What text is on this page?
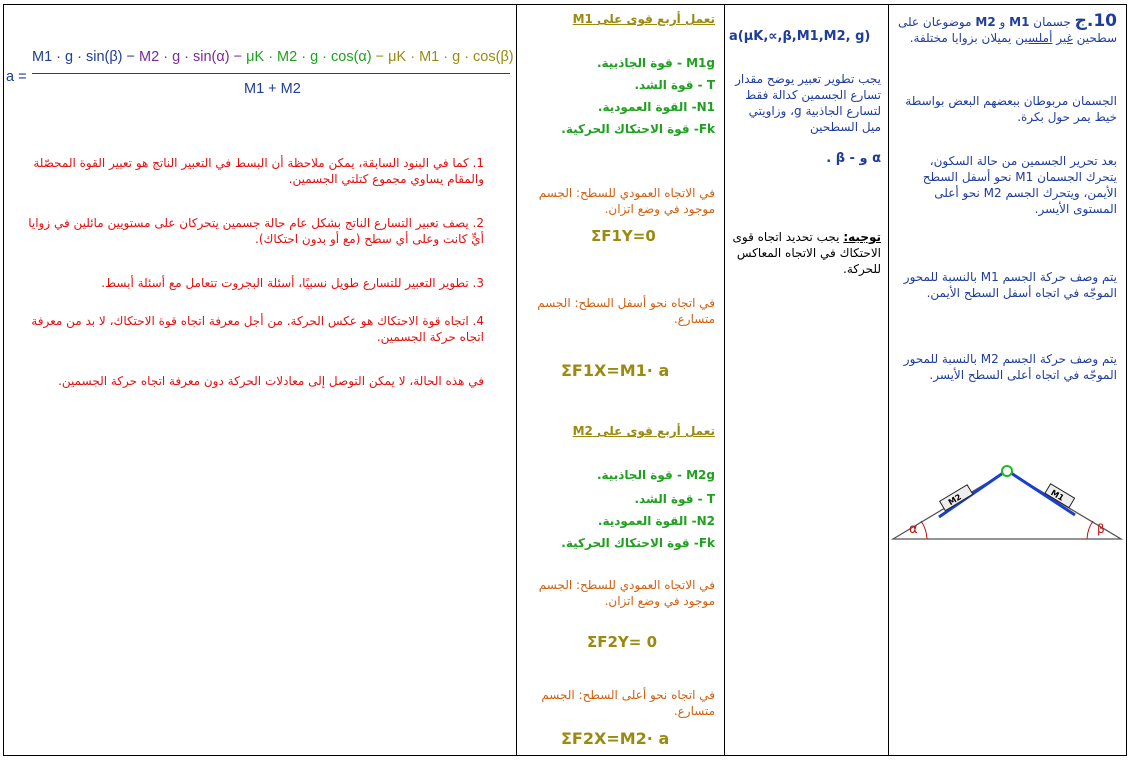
a =
M1 · g · sin(β) − M2 · g · sin(α) − μK · M2 · g · cos(α) − μK · M1 · g · cos(β)
M1 + M2
1. كما في البنود السابقة، يمكن ملاحظة أن البسط في التعبير الناتج هو تعبير القوة المحصّلة والمقام يساوي مجموع كتلتي الجسمين.
2. يصف تعبير التسارع الناتج بشكل عام حالة جسمين يتحركان على مستويين مائلين في زوايا أيٍّ كانت وعلى أي سطح (مع أو بدون احتكاك).
3. تطوير التعبير للتسارع طويل نسبيًا، أسئلة البجروت تتعامل مع أسئلة أبسط.
4. اتجاه قوة الاحتكاك هو عكس الحركة. من أجل معرفة اتجاه قوة الاحتكاك، لا بد من معرفة اتجاه حركة الجسمين.
في هذه الحالة، لا يمكن التوصل إلى معادلات الحركة دون معرفة اتجاه حركة الجسمين.
تعمل أربع قوى على M1
M1g - قوة الجاذبية.
T - قوة الشد.
N1- القوة العمودية.
Fk- قوة الاحتكاك الحركية.
في الاتجاه العمودي للسطح: الجسم موجود في وضع اتزان.
ΣF1Y=0
في اتجاه نحو أسفل السطح: الجسم متسارع.
ΣF1X=M1· a
تعمل أربع قوى على M2
M2g - قوة الجاذبية.
T - قوة الشد.
N2- القوة العمودية.
Fk- قوة الاحتكاك الحركية.
في الاتجاه العمودي للسطح: الجسم موجود في وضع اتزان.
ΣF2Y= 0
في اتجاه نحو أعلى السطح: الجسم متسارع.
ΣF2X=M2· a
a(μK,∝,β,M1,M2, g)
يجب تطوير تعبير يوضح مقدار تسارع الجسمين كدالة فقط لتسارع الجاذبية g، وزاويتي ميل السطحين
α و - β .
توجيه: يجب تحديد اتجاه قوى الاحتكاك في الاتجاه المعاكس للحركة.
10.ج جسمان M1 و M2 موضوعان على سطحين غير أملسين يميلان بزوايا مختلفة.
الجسمان مربوطان ببعضهم البعض بواسطة خيط يمر حول بكرة.
بعد تحرير الجسمين من حالة السكون، يتحرك الجسمان M1 نحو أسفل السطح الأيمن، ويتحرك الجسم M2 نحو أعلى المستوى الأيسر.
يتم وصف حركة الجسم M1 بالنسبة للمحور الموجّه في اتجاه أسفل السطح الأيمن.
يتم وصف حركة الجسم M2 بالنسبة للمحور الموجّه في اتجاه أعلى السطح الأيسر.
M2	M1
α	β
